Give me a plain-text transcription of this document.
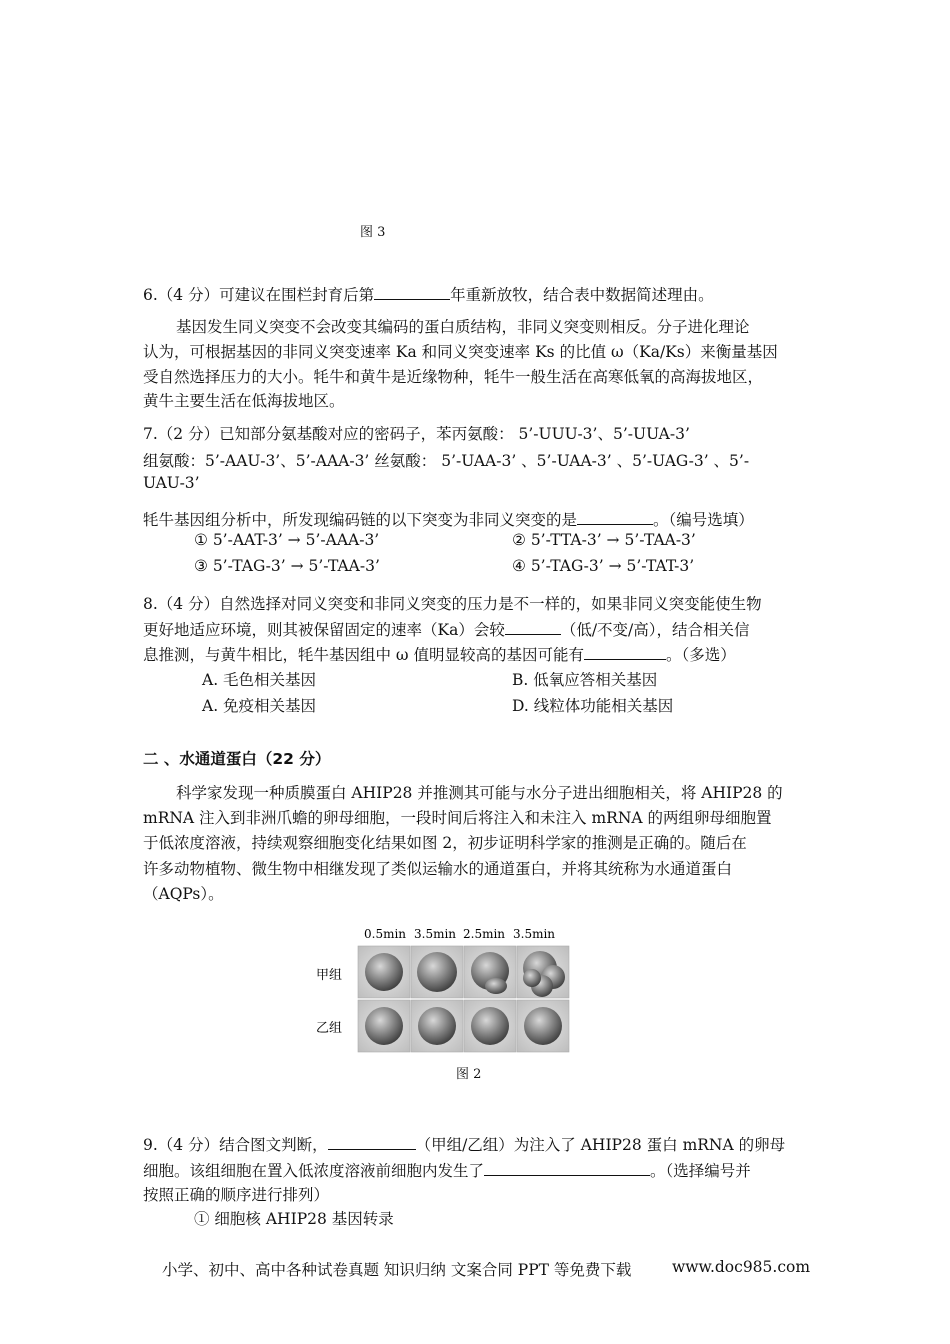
图 3
6.（4 分）可建议在围栏封育后第	年重新放牧，结合表中数据简述理由。
基因发生同义突变不会改变其编码的蛋白质结构，非同义突变则相反。分子进化理论
认为，可根据基因的非同义突变速率 Ka 和同义突变速率 Ks 的比值 ω（Ka/Ks）来衡量基因
受自然选择压力的大小。牦牛和黄牛是近缘物种，牦牛一般生活在高寒低氧的高海拔地区，
黄牛主要生活在低海拔地区。
7.（2 分）已知部分氨基酸对应的密码子，苯丙氨酸： 5’-UUU-3’、5’-UUA-3’
组氨酸：5’-AAU-3’、5’-AAA-3’ 丝氨酸： 5’-UAA-3’ 、5’-UAA-3’ 、5’-UAG-3’ 、5’-
UAU-3’
牦牛基因组分析中，所发现编码链的以下突变为非同义突变的是	。（编号选填）
① 5’-AAT-3’ → 5’-AAA-3’	② 5’-TTA-3’ → 5’-TAA-3’
③ 5’-TAG-3’ → 5’-TAA-3’	④ 5’-TAG-3’ → 5’-TAT-3’
8.（4 分）自然选择对同义突变和非同义突变的压力是不一样的，如果非同义突变能使生物
更好地适应环境，则其被保留固定的速率（Ka）会较	（低/不变/高），结合相关信
息推测，与黄牛相比，牦牛基因组中 ω 值明显较高的基因可能有	。（多选）
A. 毛色相关基因	B. 低氧应答相关基因
A. 免疫相关基因	D. 线粒体功能相关基因
二 、水通道蛋白（22 分）
科学家发现一种质膜蛋白 AHIP28 并推测其可能与水分子进出细胞相关，将 AHIP28 的
mRNA 注入到非洲爪蟾的卵母细胞，一段时间后将注入和未注入 mRNA 的两组卵母细胞置
于低浓度溶液，持续观察细胞变化结果如图 2，初步证明科学家的推测是正确的。随后在
许多动物植物、微生物中相继发现了类似运输水的通道蛋白，并将其统称为水通道蛋白
（AQPs）。
0.5min 3.5min 2.5min 3.5min
甲组
乙组
图 2
9.（4 分）结合图文判断，	（甲组/乙组）为注入了 AHIP28 蛋白 mRNA 的卵母
细胞。该组细胞在置入低浓度溶液前细胞内发生了	。（选择编号并
按照正确的顺序进行排列）
① 细胞核 AHIP28 基因转录
小学、初中、高中各种试卷真题 知识归纳 文案合同 PPT 等免费下载	www.doc985.com
